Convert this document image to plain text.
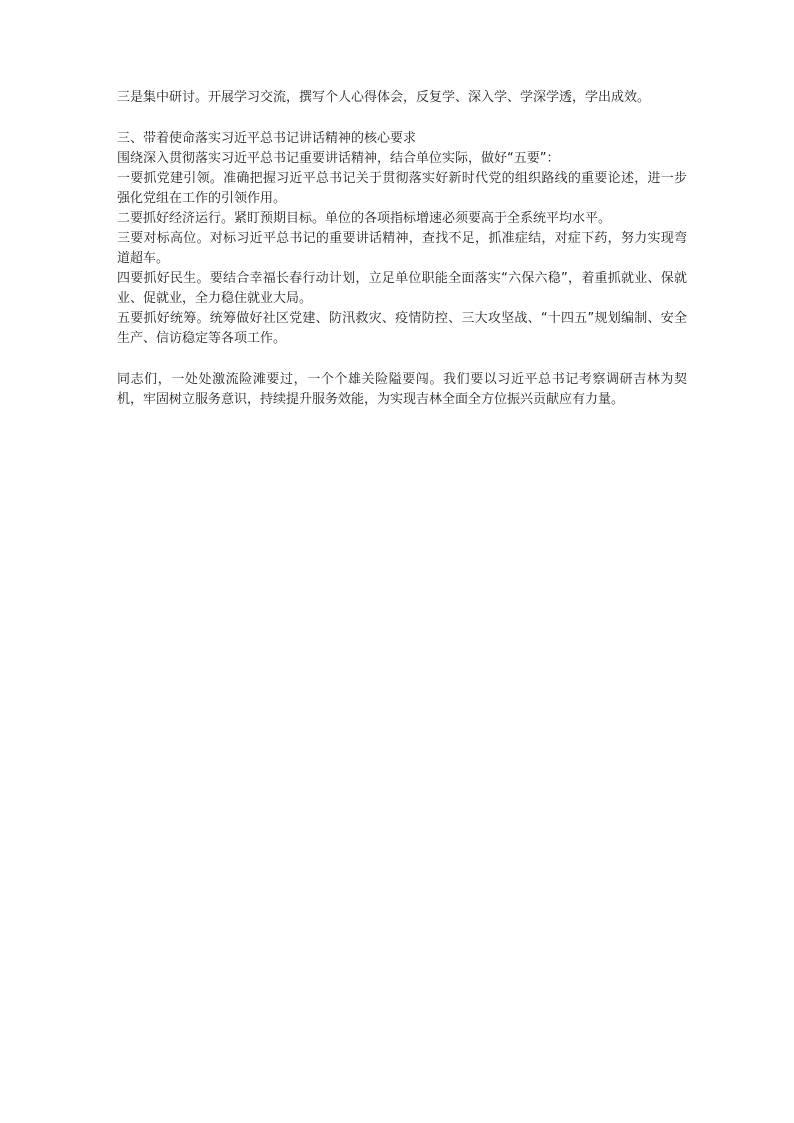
三是集中研讨。开展学习交流，撰写个人心得体会，反复学、深入学、学深学透，学出成效。

三、带着使命落实习近平总书记讲话精神的核心要求

围绕深入贯彻落实习近平总书记重要讲话精神，结合单位实际，做好“五要”：

一要抓党建引领。准确把握习近平总书记关于贯彻落实好新时代党的组织路线的重要论述，进一步强化党组在工作的引领作用。

二要抓好经济运行。紧盯预期目标。单位的各项指标增速必须要高于全系统平均水平。

三要对标高位。对标习近平总书记的重要讲话精神，查找不足，抓准症结，对症下药，努力实现弯道超车。

四要抓好民生。要结合幸福长春行动计划，立足单位职能全面落实“六保六稳”，着重抓就业、保就业、促就业，全力稳住就业大局。

五要抓好统筹。统筹做好社区党建、防汛救灾、疫情防控、三大攻坚战、“十四五”规划编制、安全生产、信访稳定等各项工作。

同志们，一处处激流险滩要过，一个个雄关险隘要闯。我们要以习近平总书记考察调研吉林为契机，牢固树立服务意识，持续提升服务效能，为实现吉林全面全方位振兴贡献应有力量。
